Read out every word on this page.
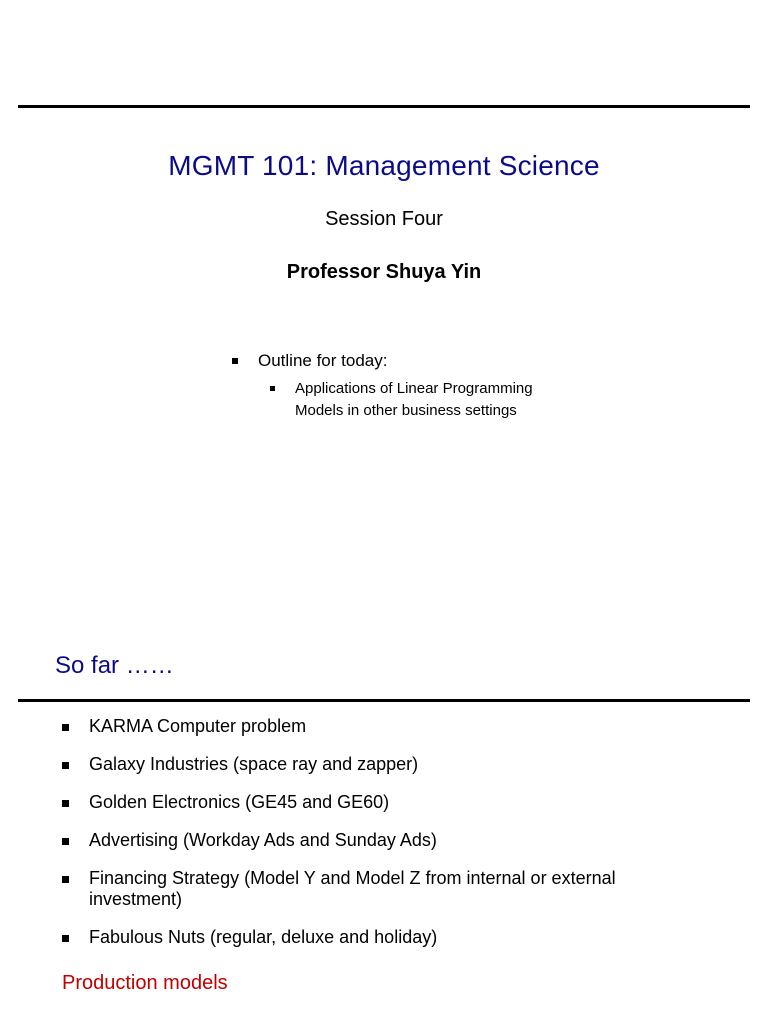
MGMT 101: Management Science
Session Four
Professor Shuya Yin
Outline for today:
Applications of Linear Programming Models in other business settings
So far ……
KARMA Computer problem
Galaxy Industries (space ray and zapper)
Golden Electronics (GE45 and GE60)
Advertising (Workday Ads and Sunday Ads)
Financing Strategy (Model Y and Model Z from internal or external investment)
Fabulous Nuts (regular, deluxe and holiday)
Production models
